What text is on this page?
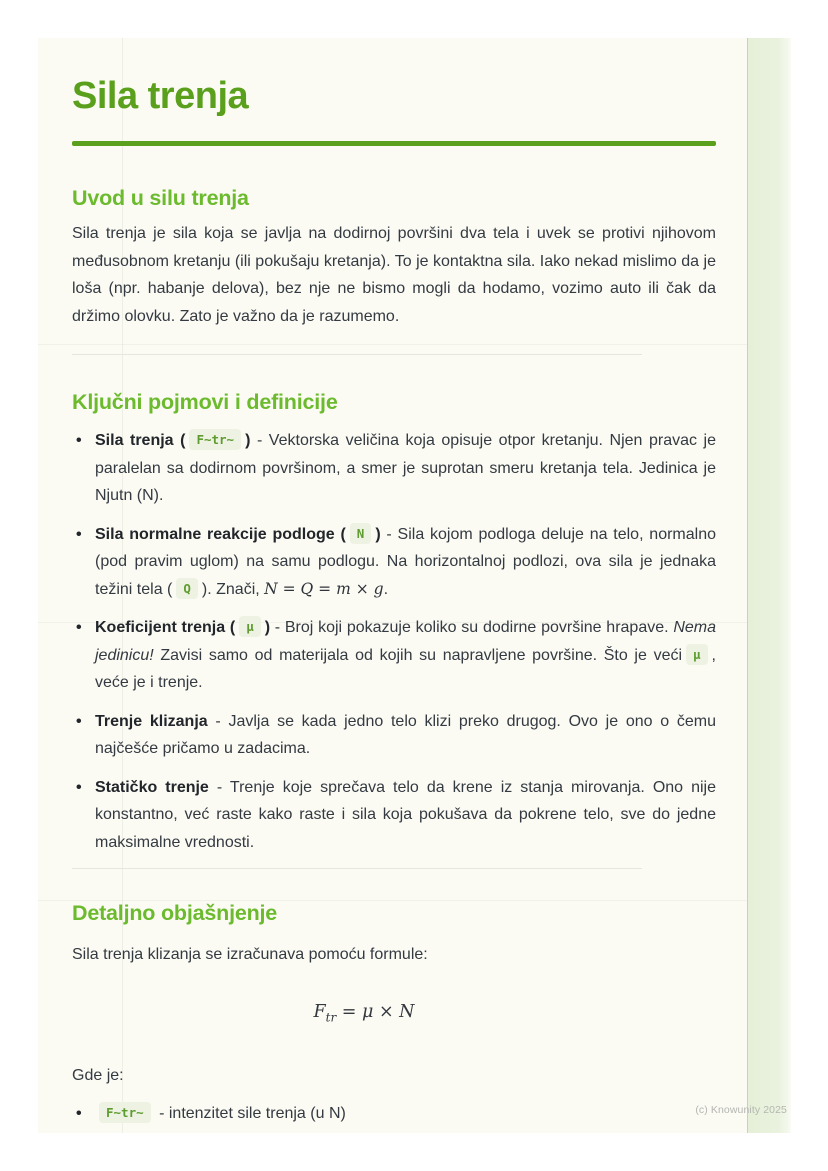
Sila trenja
Uvod u silu trenja

Sila trenja je sila koja se javlja na dodirnoj površini dva tela i uvek se protivi njihovom međusobnom kretanju (ili pokušaju kretanja). To je kontaktna sila. Iako nekad mislimo da je loša (npr. habanje delova), bez nje ne bismo mogli da hodamo, vozimo auto ili čak da držimo olovku. Zato je važno da je razumemo.

Ključni pojmovi i definicije
• Sila trenja ( F~tr~ ) - Vektorska veličina koja opisuje otpor kretanju. Njen pravac je paralelan sa dodirnom površinom, a smer je suprotan smeru kretanja tela. Jedinica je Njutn (N).
• Sila normalne reakcije podloge ( N ) - Sila kojom podloga deluje na telo, normalno (pod pravim uglom) na samu podlogu. Na horizontalnoj podlozi, ova sila je jednaka težini tela ( Q ). Znači, N = Q = m × g.
• Koeficijent trenja ( μ ) - Broj koji pokazuje koliko su dodirne površine hrapave. Nema jedinicu! Zavisi samo od materijala od kojih su napravljene površine. Što je veći μ , veće je i trenje.
• Trenje klizanja - Javlja se kada jedno telo klizi preko drugog. Ovo je ono o čemu najčešće pričamo u zadacima.
• Statičko trenje - Trenje koje sprečava telo da krene iz stanja mirovanja. Ono nije konstantno, već raste kako raste i sila koja pokušava da pokrene telo, sve do jedne maksimalne vrednosti.
Detaljno objašnjenje

Sila trenja klizanja se izračunava pomoću formule:

$F_{tr} = \mu \times N$

Gde je:

• F~tr~ - intenzitet sile trenja (u N)	(c) Knowunity 2025
